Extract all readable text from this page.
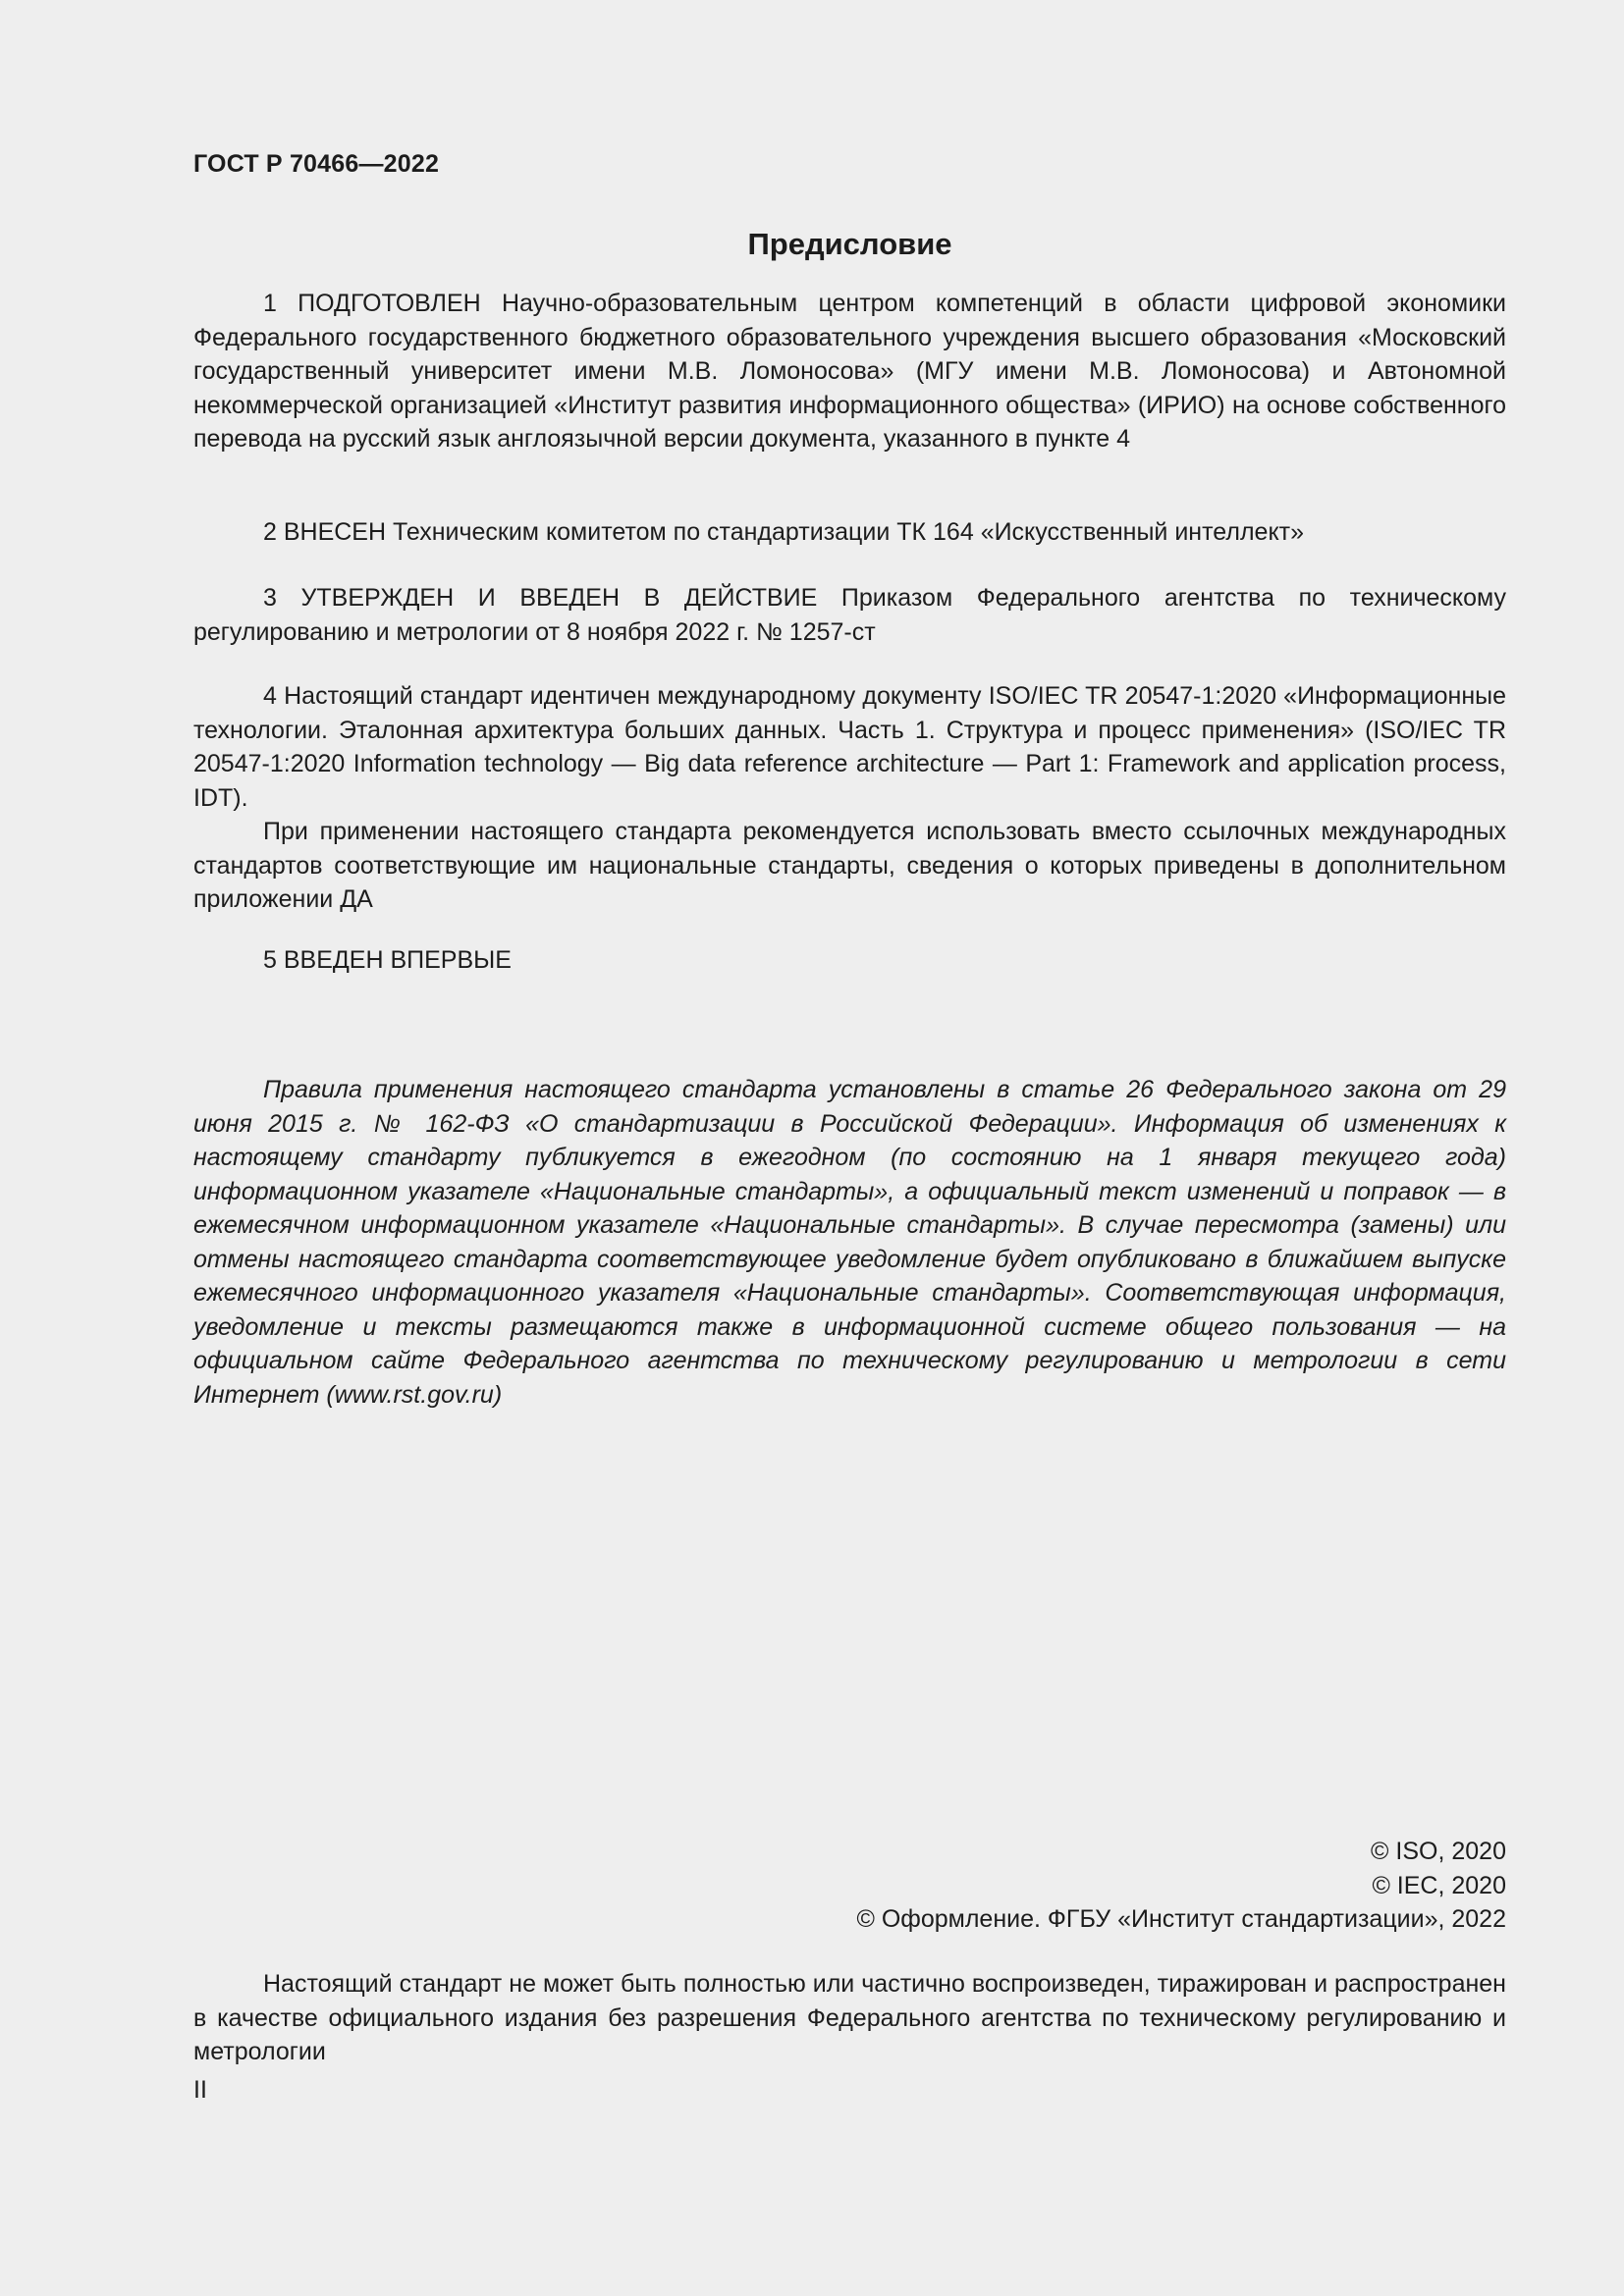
ГОСТ Р 70466—2022
Предисловие

1 ПОДГОТОВЛЕН Научно-образовательным центром компетенций в области цифровой экономики Федерального государственного бюджетного образовательного учреждения высшего образования «Московский государственный университет имени М.В. Ломоносова» (МГУ имени М.В. Ломоносова) и Автономной некоммерческой организацией «Институт развития информационного общества» (ИРИО) на основе собственного перевода на русский язык англоязычной версии документа, указанного в пункте 4

2 ВНЕСЕН Техническим комитетом по стандартизации ТК 164 «Искусственный интеллект»

3 УТВЕРЖДЕН И ВВЕДЕН В ДЕЙСТВИЕ Приказом Федерального агентства по техническому регулированию и метрологии от 8 ноября 2022 г. № 1257-ст

4 Настоящий стандарт идентичен международному документу ISO/IEC TR 20547-1:2020 «Информационные технологии. Эталонная архитектура больших данных. Часть 1. Структура и процесс применения» (ISO/IEC TR 20547-1:2020 Information technology — Big data reference architecture — Part 1: Framework and application process, IDT).

При применении настоящего стандарта рекомендуется использовать вместо ссылочных международных стандартов соответствующие им национальные стандарты, сведения о которых приведены в дополнительном приложении ДА

5 ВВЕДЕН ВПЕРВЫЕ

Правила применения настоящего стандарта установлены в статье 26 Федерального закона от 29 июня 2015 г. № 162-ФЗ «О стандартизации в Российской Федерации». Информация об изменениях к настоящему стандарту публикуется в ежегодном (по состоянию на 1 января текущего года) информационном указателе «Национальные стандарты», а официальный текст изменений и поправок — в ежемесячном информационном указателе «Национальные стандарты». В случае пересмотра (замены) или отмены настоящего стандарта соответствующее уведомление будет опубликовано в ближайшем выпуске ежемесячного информационного указателя «Национальные стандарты». Соответствующая информация, уведомление и тексты размещаются также в информационной системе общего пользования — на официальном сайте Федерального агентства по техническому регулированию и метрологии в сети Интернет (www.rst.gov.ru)

© ISO, 2020
© IEC, 2020
© Оформление. ФГБУ «Институт стандартизации», 2022

Настоящий стандарт не может быть полностью или частично воспроизведен, тиражирован и распространен в качестве официального издания без разрешения Федерального агентства по техническому регулированию и метрологии

II
